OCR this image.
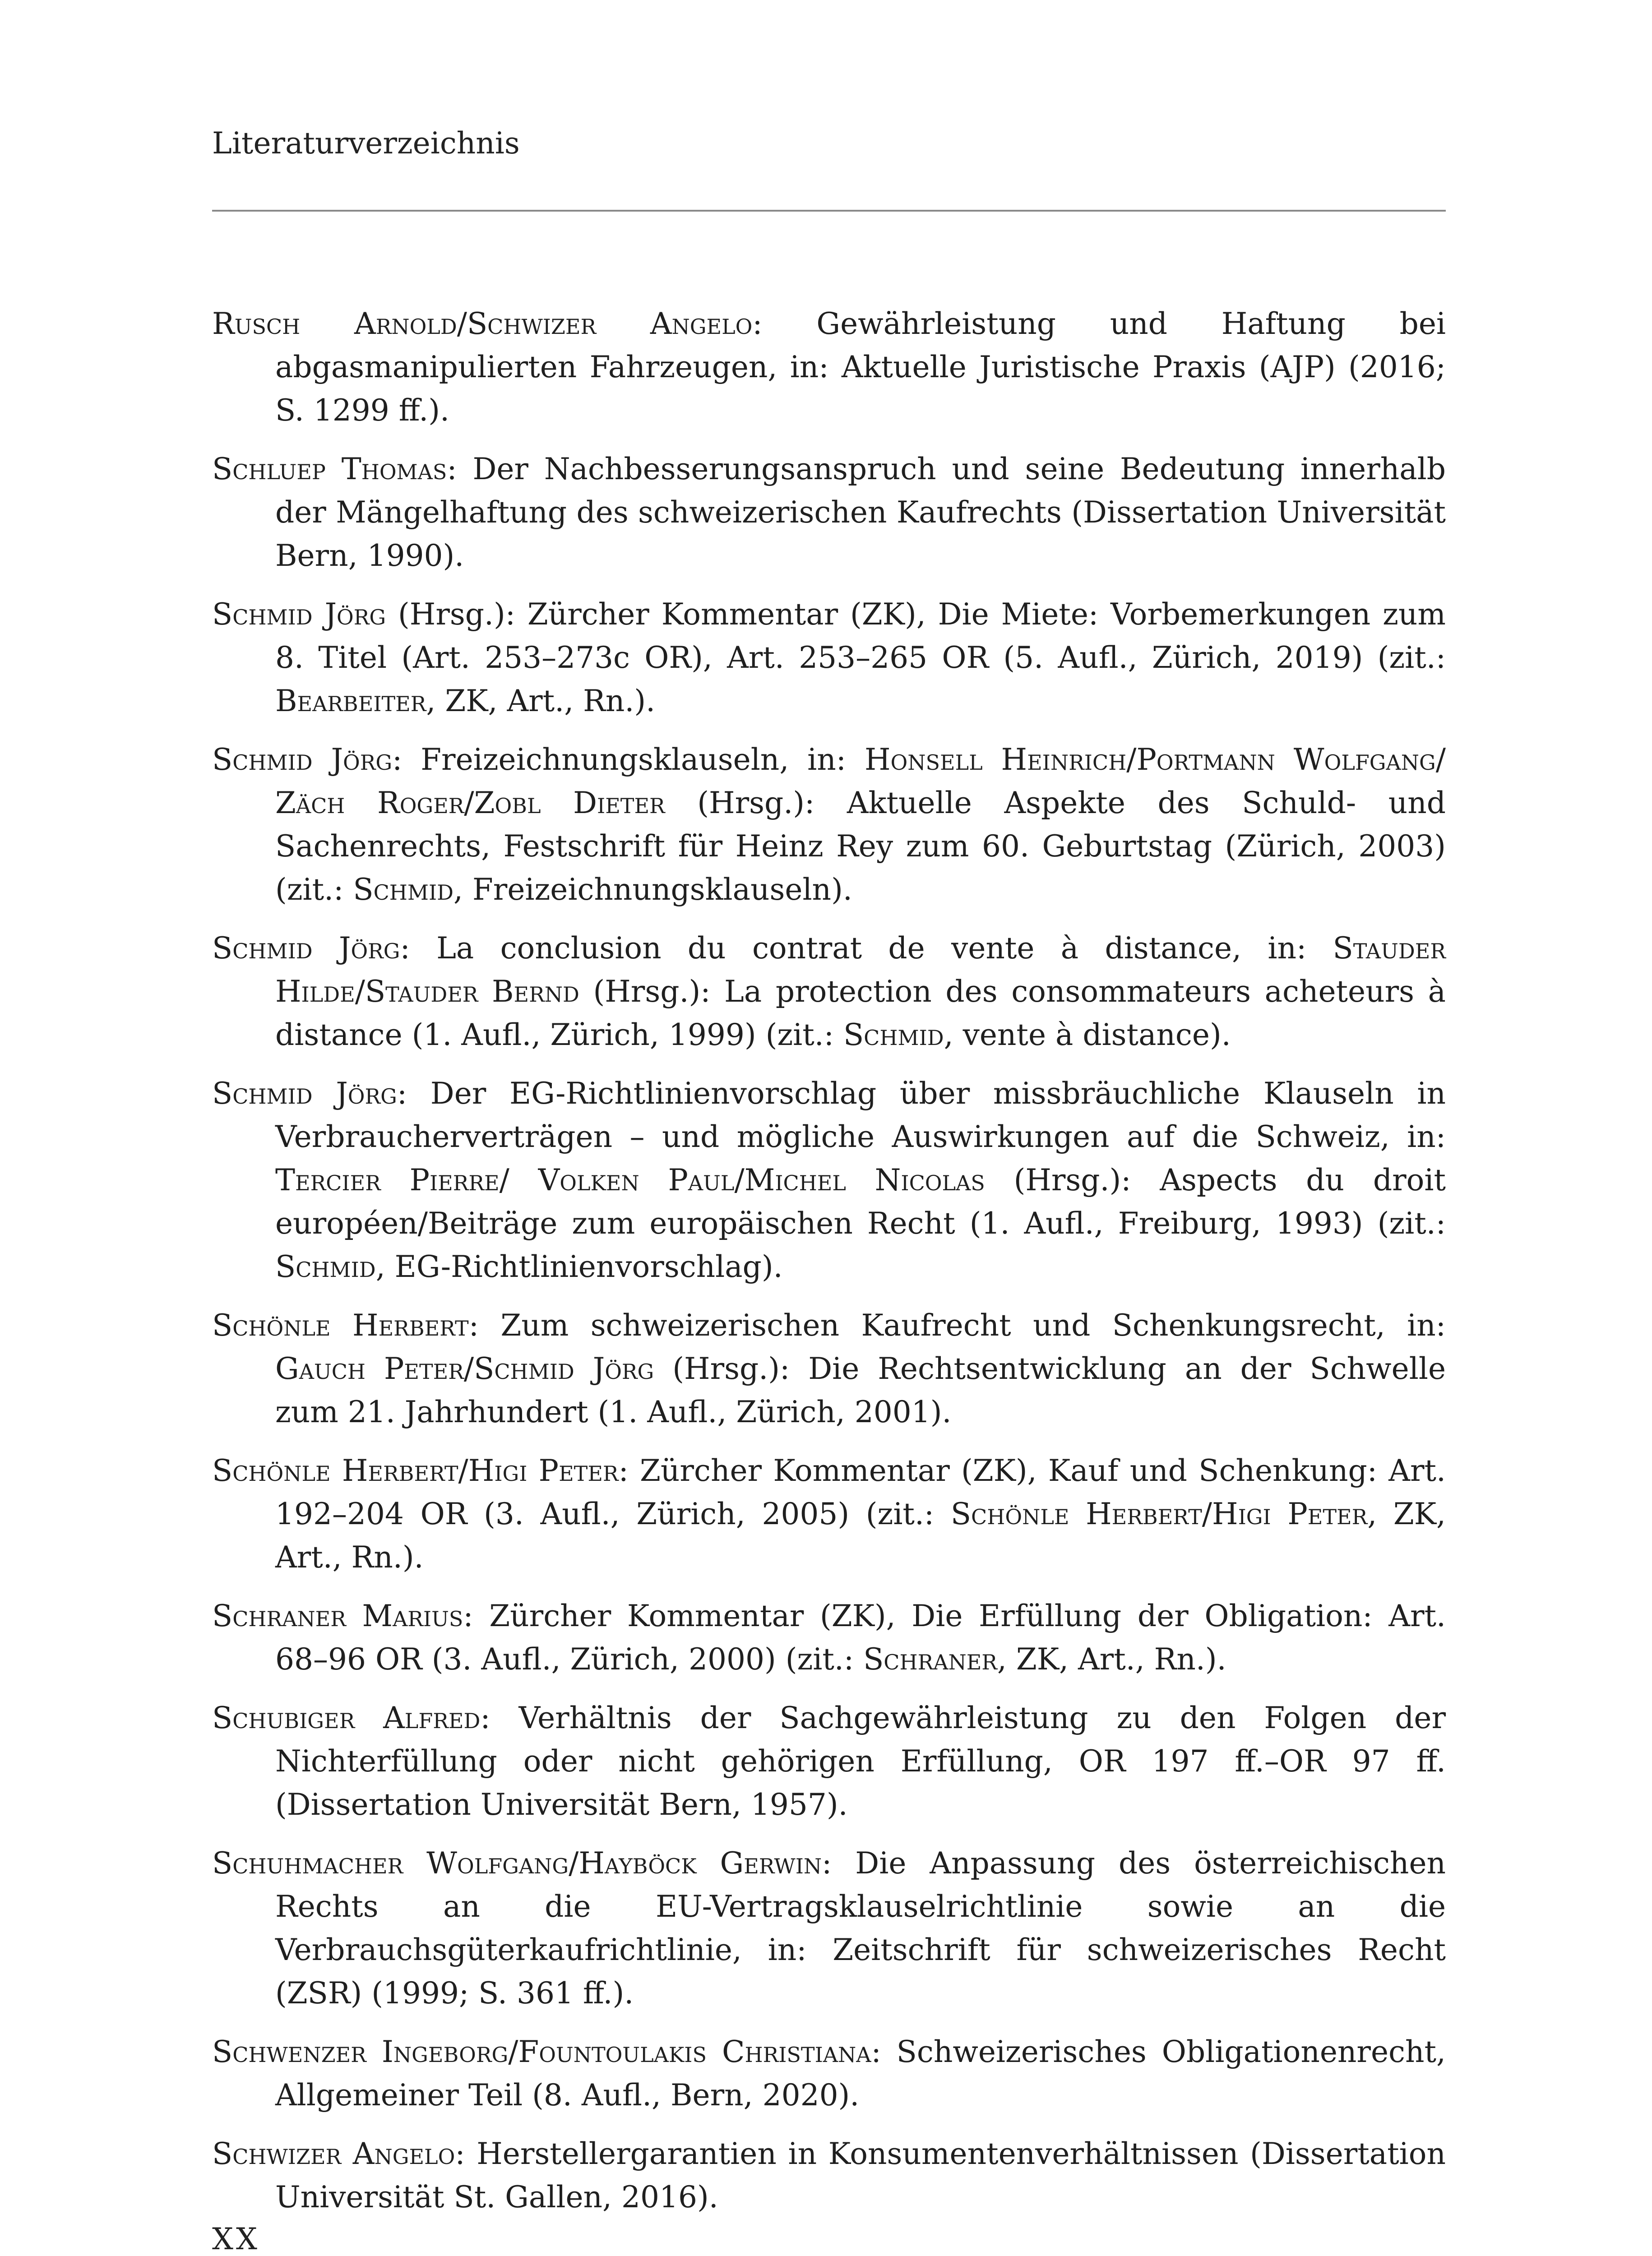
Literaturverzeichnis

Rusch Arnold/Schwizer Angelo: Gewährleistung und Haftung bei abgasmanipulierten Fahrzeugen, in: Aktuelle Juristische Praxis (AJP) (2016; S. 1299 ff.).

Schluep Thomas: Der Nachbesserungsanspruch und seine Bedeutung innerhalb der Mängelhaftung des schweizerischen Kaufrechts (Dissertation Universität Bern, 1990).

Schmid Jörg (Hrsg.): Zürcher Kommentar (ZK), Die Miete: Vorbemerkungen zum 8. Titel (Art. 253–273c OR), Art. 253–265 OR (5. Aufl., Zürich, 2019) (zit.: Bearbeiter, ZK, Art., Rn.).

Schmid Jörg: Freizeichnungsklauseln, in: Honsell Heinrich/Portmann Wolfgang/ Zäch Roger/Zobl Dieter (Hrsg.): Aktuelle Aspekte des Schuld- und Sachenrechts, Festschrift für Heinz Rey zum 60. Geburtstag (Zürich, 2003) (zit.: Schmid, Freizeichnungsklauseln).

Schmid Jörg: La conclusion du contrat de vente à distance, in: Stauder Hilde/Stauder Bernd (Hrsg.): La protection des consommateurs acheteurs à distance (1. Aufl., Zürich, 1999) (zit.: Schmid, vente à distance).

Schmid Jörg: Der EG-Richtlinienvorschlag über missbräuchliche Klauseln in Verbraucherverträgen – und mögliche Auswirkungen auf die Schweiz, in: Tercier Pierre/ Volken Paul/Michel Nicolas (Hrsg.): Aspects du droit européen/Beiträge zum europäischen Recht (1. Aufl., Freiburg, 1993) (zit.: Schmid, EG-Richtlinienvorschlag).

Schönle Herbert: Zum schweizerischen Kaufrecht und Schenkungsrecht, in: Gauch Peter/Schmid Jörg (Hrsg.): Die Rechtsentwicklung an der Schwelle zum 21. Jahrhundert (1. Aufl., Zürich, 2001).

Schönle Herbert/Higi Peter: Zürcher Kommentar (ZK), Kauf und Schenkung: Art. 192–204 OR (3. Aufl., Zürich, 2005) (zit.: Schönle Herbert/Higi Peter, ZK, Art., Rn.).

Schraner Marius: Zürcher Kommentar (ZK), Die Erfüllung der Obligation: Art. 68–96 OR (3. Aufl., Zürich, 2000) (zit.: Schraner, ZK, Art., Rn.).

Schubiger Alfred: Verhältnis der Sachgewährleistung zu den Folgen der Nichterfüllung oder nicht gehörigen Erfüllung, OR 197 ff.–OR 97 ff. (Dissertation Universität Bern, 1957).

Schuhmacher Wolfgang/Hayböck Gerwin: Die Anpassung des österreichischen Rechts an die EU-Vertragsklauselrichtlinie sowie an die Verbrauchsgüterkaufrichtlinie, in: Zeitschrift für schweizerisches Recht (ZSR) (1999; S. 361 ff.).

Schwenzer Ingeborg/Fountoulakis Christiana: Schweizerisches Obligationenrecht, Allgemeiner Teil (8. Aufl., Bern, 2020).

Schwizer Angelo: Herstellergarantien in Konsumentenverhältnissen (Dissertation Universität St. Gallen, 2016).

XX
